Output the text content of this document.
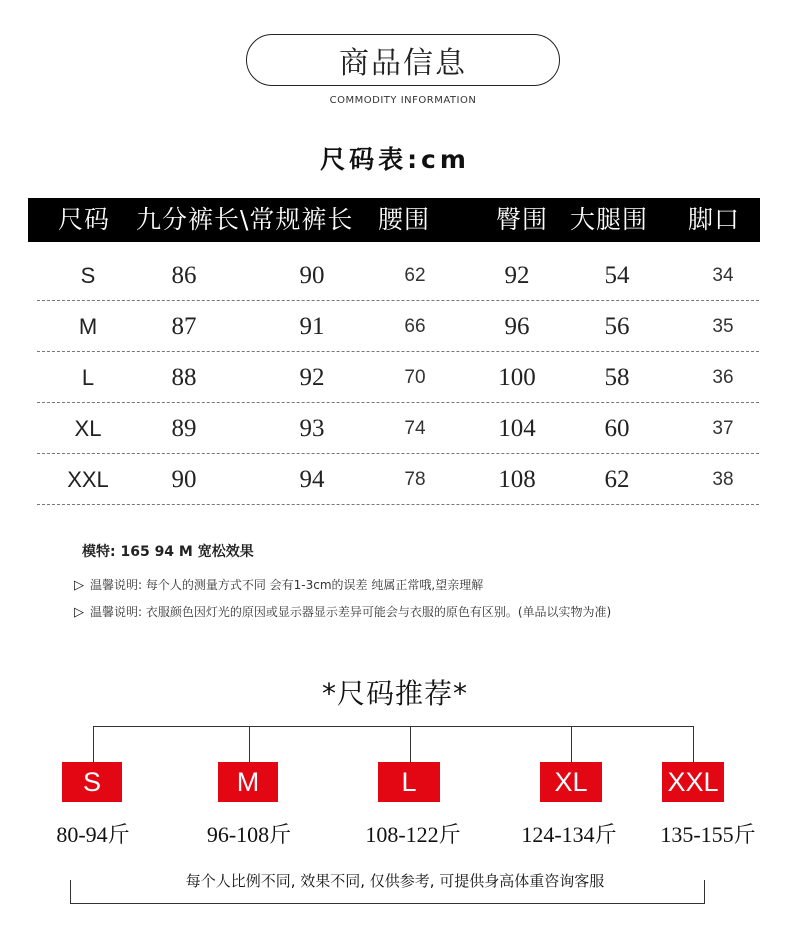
商品信息
COMMODITY INFORMATION
尺码表:cm
尺码 九分裤长\常规裤长 腰围	臀围 大腿围 脚口
S	86	90	62	92	54	34
M	87	91	66	96	56	35
L	88	92	70	100	58	36
XL	89	93	74	104	60	37
XXL	90	94	78	108	62	38
模特: 165 94 M 宽松效果
▷ 温馨说明: 每个人的测量方式不同 会有1-3cm的误差 纯属正常哦,望亲理解
▷ 温馨说明: 衣服颜色因灯光的原因或显示器显示差异可能会与衣服的原色有区别。(单品以实物为准)
*尺码推荐*
S	M	L	XL	XXL
80-94斤	96-108斤	108-122斤	124-134斤 135-155斤
每个人比例不同, 效果不同, 仅供参考, 可提供身高体重咨询客服
